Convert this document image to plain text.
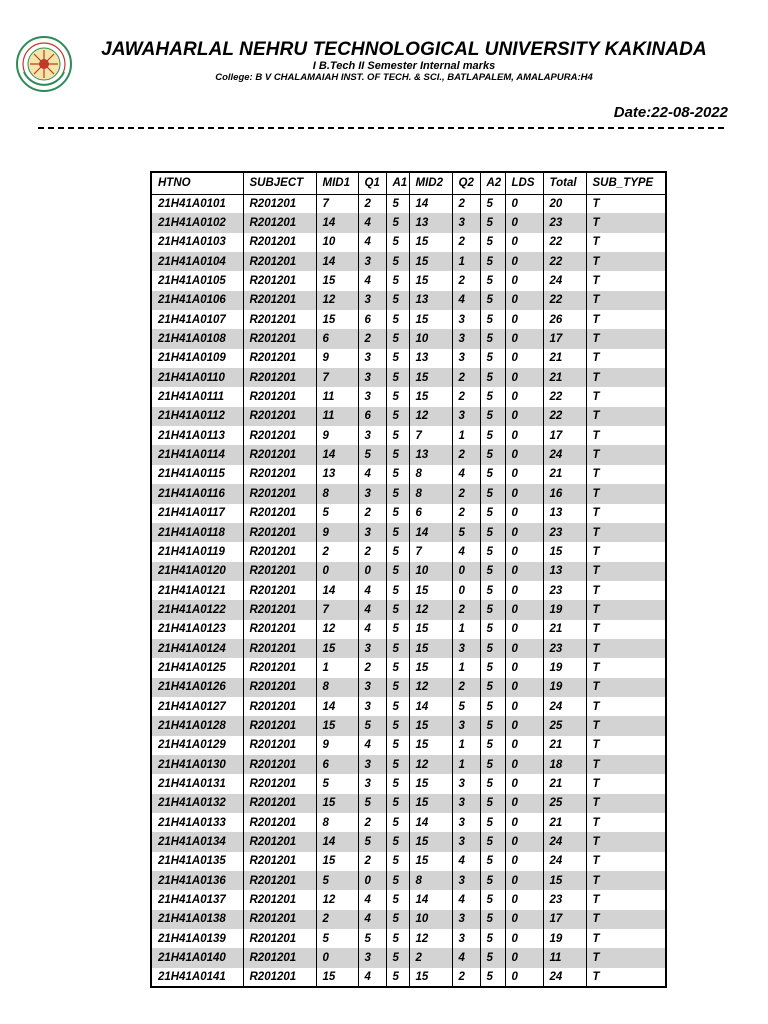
JAWAHARLAL NEHRU TECHNOLOGICAL UNIVERSITY KAKINADA
I B.Tech II Semester Internal marks
College: B V CHALAMAIAH INST. OF TECH. & SCI., BATLAPALEM, AMALAPURA:H4
Date:22-08-2022
HTNO	SUBJECT	MID1	Q1	A1	MID2	Q2	A2	LDS	Total	SUB_TYPE
21H41A0101	R201201	7	2	5	14	2	5	0	20	T
21H41A0102	R201201	14	4	5	13	3	5	0	23	T
21H41A0103	R201201	10	4	5	15	2	5	0	22	T
21H41A0104	R201201	14	3	5	15	1	5	0	22	T
21H41A0105	R201201	15	4	5	15	2	5	0	24	T
21H41A0106	R201201	12	3	5	13	4	5	0	22	T
21H41A0107	R201201	15	6	5	15	3	5	0	26	T
21H41A0108	R201201	6	2	5	10	3	5	0	17	T
21H41A0109	R201201	9	3	5	13	3	5	0	21	T
21H41A0110	R201201	7	3	5	15	2	5	0	21	T
21H41A0111	R201201	11	3	5	15	2	5	0	22	T
21H41A0112	R201201	11	6	5	12	3	5	0	22	T
21H41A0113	R201201	9	3	5	7	1	5	0	17	T
21H41A0114	R201201	14	5	5	13	2	5	0	24	T
21H41A0115	R201201	13	4	5	8	4	5	0	21	T
21H41A0116	R201201	8	3	5	8	2	5	0	16	T
21H41A0117	R201201	5	2	5	6	2	5	0	13	T
21H41A0118	R201201	9	3	5	14	5	5	0	23	T
21H41A0119	R201201	2	2	5	7	4	5	0	15	T
21H41A0120	R201201	0	0	5	10	0	5	0	13	T
21H41A0121	R201201	14	4	5	15	0	5	0	23	T
21H41A0122	R201201	7	4	5	12	2	5	0	19	T
21H41A0123	R201201	12	4	5	15	1	5	0	21	T
21H41A0124	R201201	15	3	5	15	3	5	0	23	T
21H41A0125	R201201	1	2	5	15	1	5	0	19	T
21H41A0126	R201201	8	3	5	12	2	5	0	19	T
21H41A0127	R201201	14	3	5	14	5	5	0	24	T
21H41A0128	R201201	15	5	5	15	3	5	0	25	T
21H41A0129	R201201	9	4	5	15	1	5	0	21	T
21H41A0130	R201201	6	3	5	12	1	5	0	18	T
21H41A0131	R201201	5	3	5	15	3	5	0	21	T
21H41A0132	R201201	15	5	5	15	3	5	0	25	T
21H41A0133	R201201	8	2	5	14	3	5	0	21	T
21H41A0134	R201201	14	5	5	15	3	5	0	24	T
21H41A0135	R201201	15	2	5	15	4	5	0	24	T
21H41A0136	R201201	5	0	5	8	3	5	0	15	T
21H41A0137	R201201	12	4	5	14	4	5	0	23	T
21H41A0138	R201201	2	4	5	10	3	5	0	17	T
21H41A0139	R201201	5	5	5	12	3	5	0	19	T
21H41A0140	R201201	0	3	5	2	4	5	0	11	T
21H41A0141	R201201	15	4	5	15	2	5	0	24	T
